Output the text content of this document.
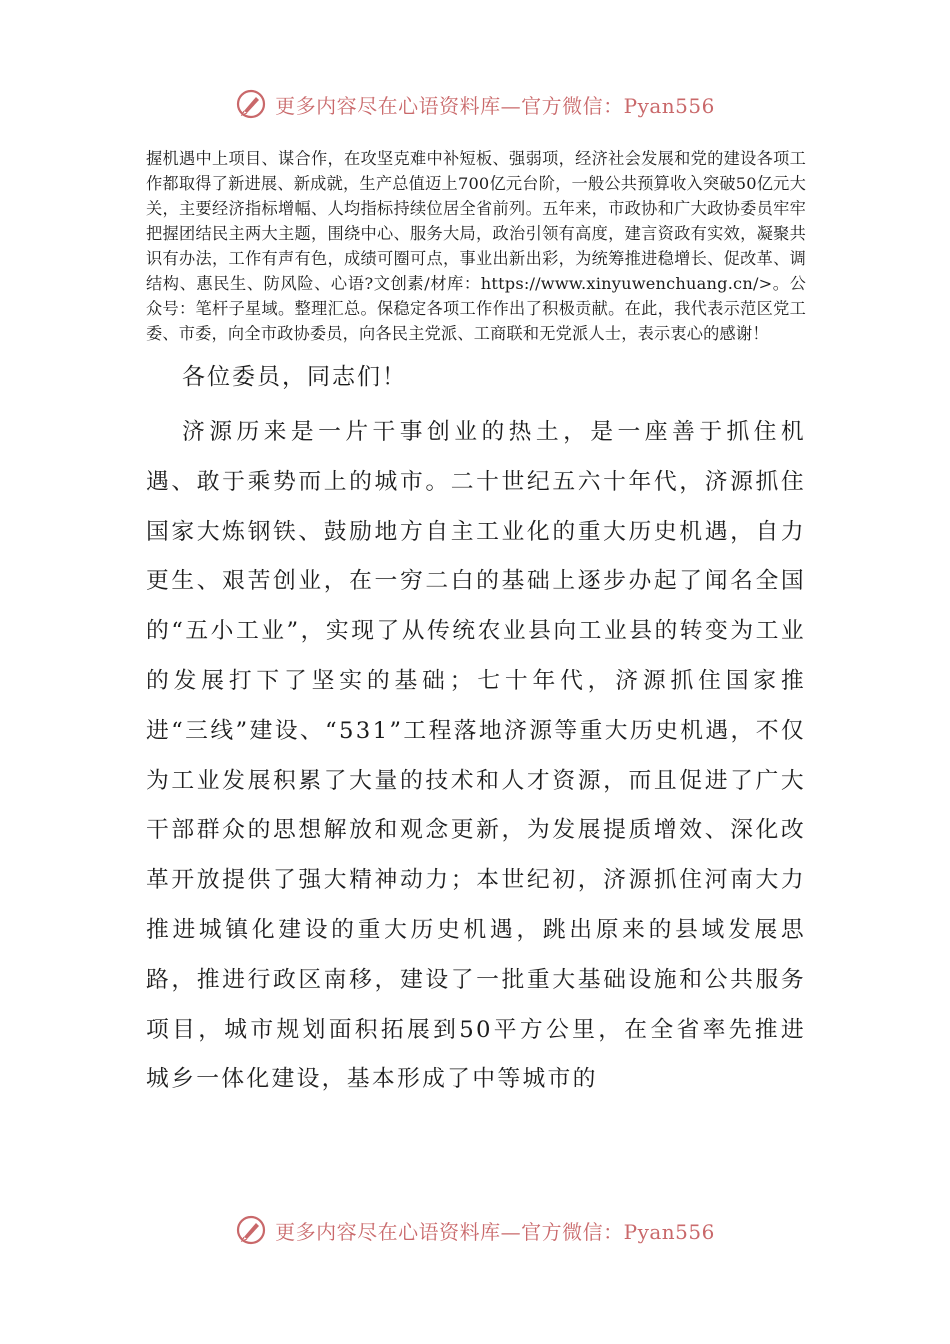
更多内容尽在心语资料库—官方微信：Pyan556

握机遇中上项目、谋合作，在攻坚克难中补短板、强弱项，经济社会发展和党的建设各项工作都取得了新进展、新成就，生产总值迈上700亿元台阶，一般公共预算收入突破50亿元大关，主要经济指标增幅、人均指标持续位居全省前列。五年来，市政协和广大政协委员牢牢把握团结民主两大主题，围绕中心、服务大局，政治引领有高度，建言资政有实效，凝聚共识有办法，工作有声有色，成绩可圈可点，事业出新出彩，为统筹推进稳增长、促改革、调结构、惠民生、防风险、心语?文创素/材库：https://www.xinyuwenchuang.cn/>。公众号：笔杆子星域。整理汇总。保稳定各项工作作出了积极贡献。在此，我代表示范区党工委、市委，向全市政协委员，向各民主党派、工商联和无党派人士，表示衷心的感谢！

各位委员，同志们！

济源历来是一片干事创业的热土，是一座善于抓住机遇、敢于乘势而上的城市。二十世纪五六十年代，济源抓住国家大炼钢铁、鼓励地方自主工业化的重大历史机遇，自力更生、艰苦创业，在一穷二白的基础上逐步办起了闻名全国的“五小工业”，实现了从传统农业县向工业县的转变为工业的发展打下了坚实的基础；七十年代，济源抓住国家推进“三线”建设、“531”工程落地济源等重大历史机遇，不仅为工业发展积累了大量的技术和人才资源，而且促进了广大干部群众的思想解放和观念更新，为发展提质增效、深化改革开放提供了强大精神动力；本世纪初，济源抓住河南大力推进城镇化建设的重大历史机遇，跳出原来的县域发展思路，推进行政区南移，建设了一批重大基础设施和公共服务项目，城市规划面积拓展到50平方公里，在全省率先推进城乡一体化建设，基本形成了中等城市的

更多内容尽在心语资料库—官方微信：Pyan556
